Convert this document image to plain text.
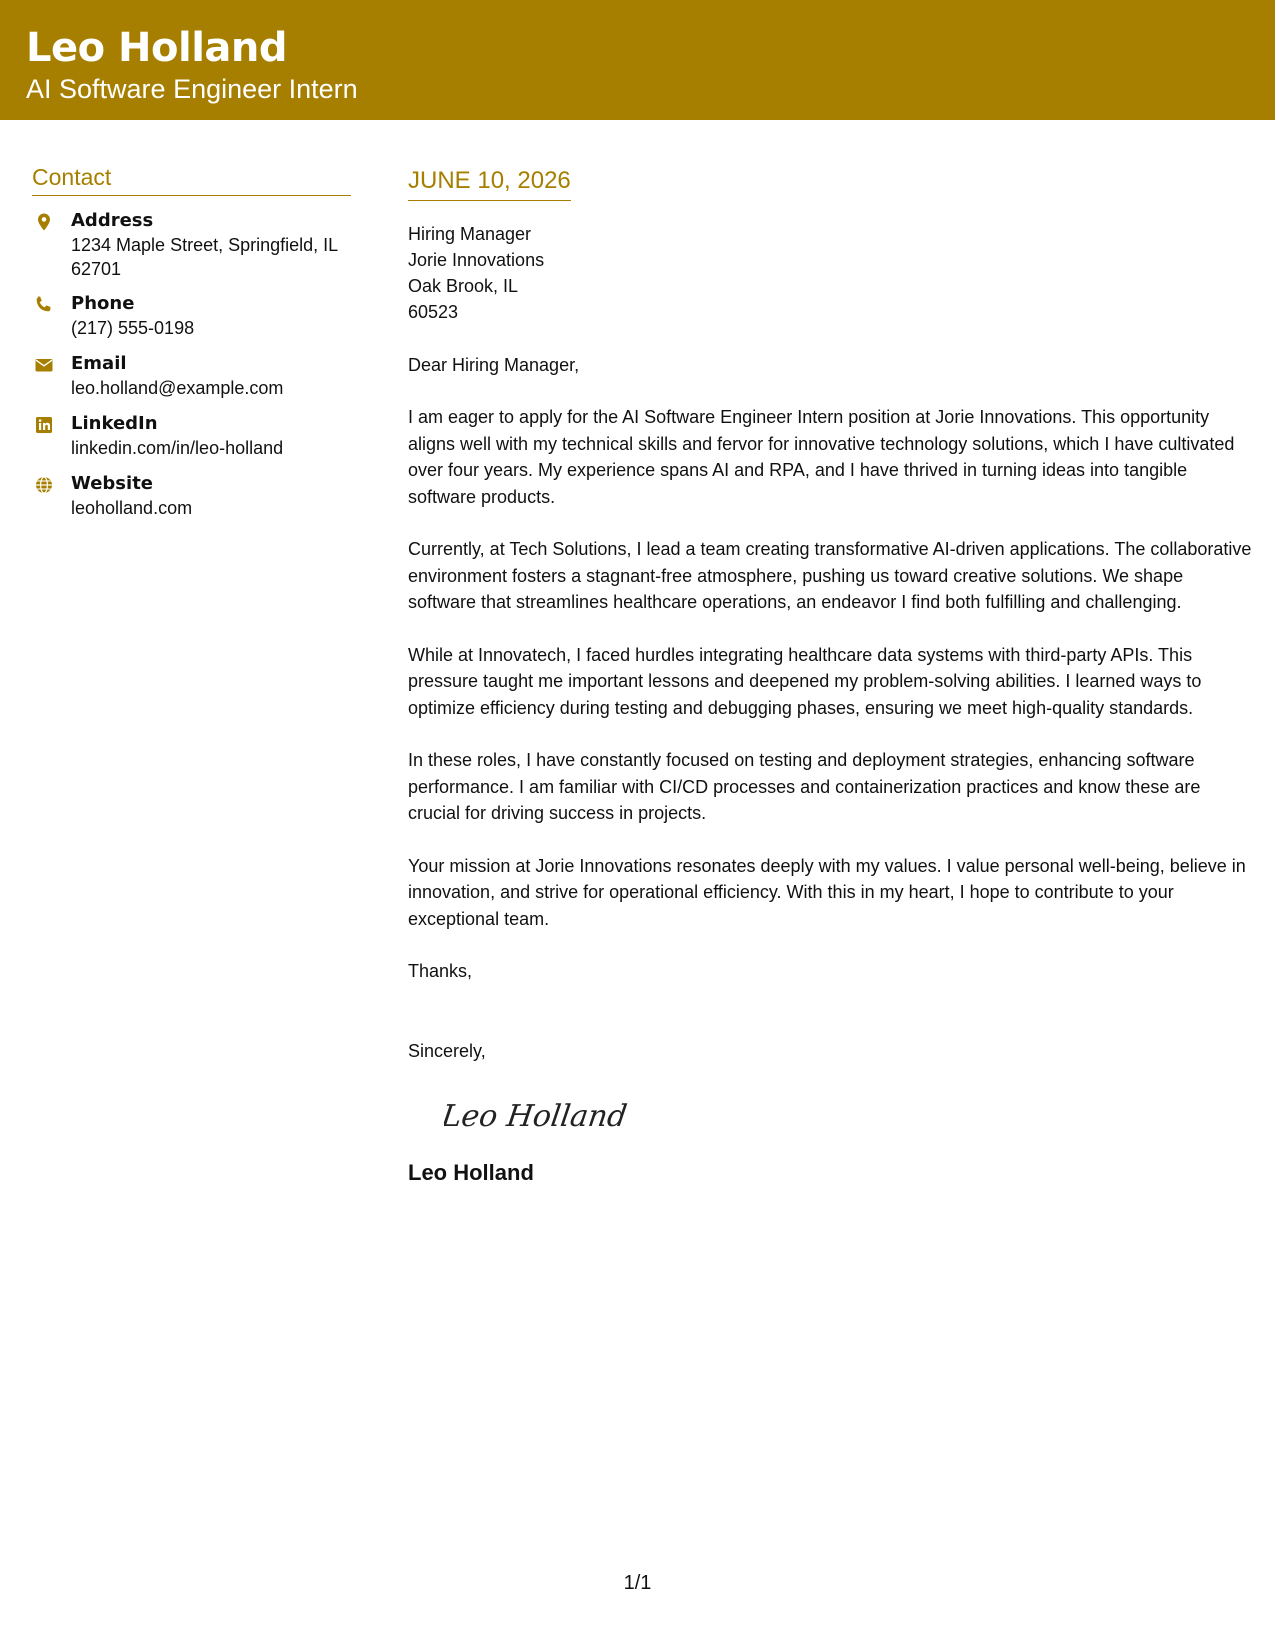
Leo Holland
AI Software Engineer Intern
Contact
Address
1234 Maple Street, Springfield, IL
62701
Phone
(217) 555-0198
Email
leo.holland@example.com
LinkedIn
linkedin.com/in/leo-holland
Website
leoholland.com
JUNE 10, 2026
Hiring Manager
Jorie Innovations
Oak Brook, IL
60523
Dear Hiring Manager,

I am eager to apply for the AI Software Engineer Intern position at Jorie Innovations. This opportunity aligns well with my technical skills and fervor for innovative technology solutions, which I have cultivated over four years. My experience spans AI and RPA, and I have thrived in turning ideas into tangible software products.

Currently, at Tech Solutions, I lead a team creating transformative AI-driven applications. The collaborative environment fosters a stagnant-free atmosphere, pushing us toward creative solutions. We shape software that streamlines healthcare operations, an endeavor I find both fulfilling and challenging.

While at Innovatech, I faced hurdles integrating healthcare data systems with third-party APIs. This pressure taught me important lessons and deepened my problem-solving abilities. I learned ways to optimize efficiency during testing and debugging phases, ensuring we meet high-quality standards.

In these roles, I have constantly focused on testing and deployment strategies, enhancing software performance. I am familiar with CI/CD processes and containerization practices and know these are crucial for driving success in projects.

Your mission at Jorie Innovations resonates deeply with my values. I value personal well-being, believe in innovation, and strive for operational efficiency. With this in my heart, I hope to contribute to your exceptional team.

Thanks,
Sincerely,
Leo Holland
Leo Holland
1/1
